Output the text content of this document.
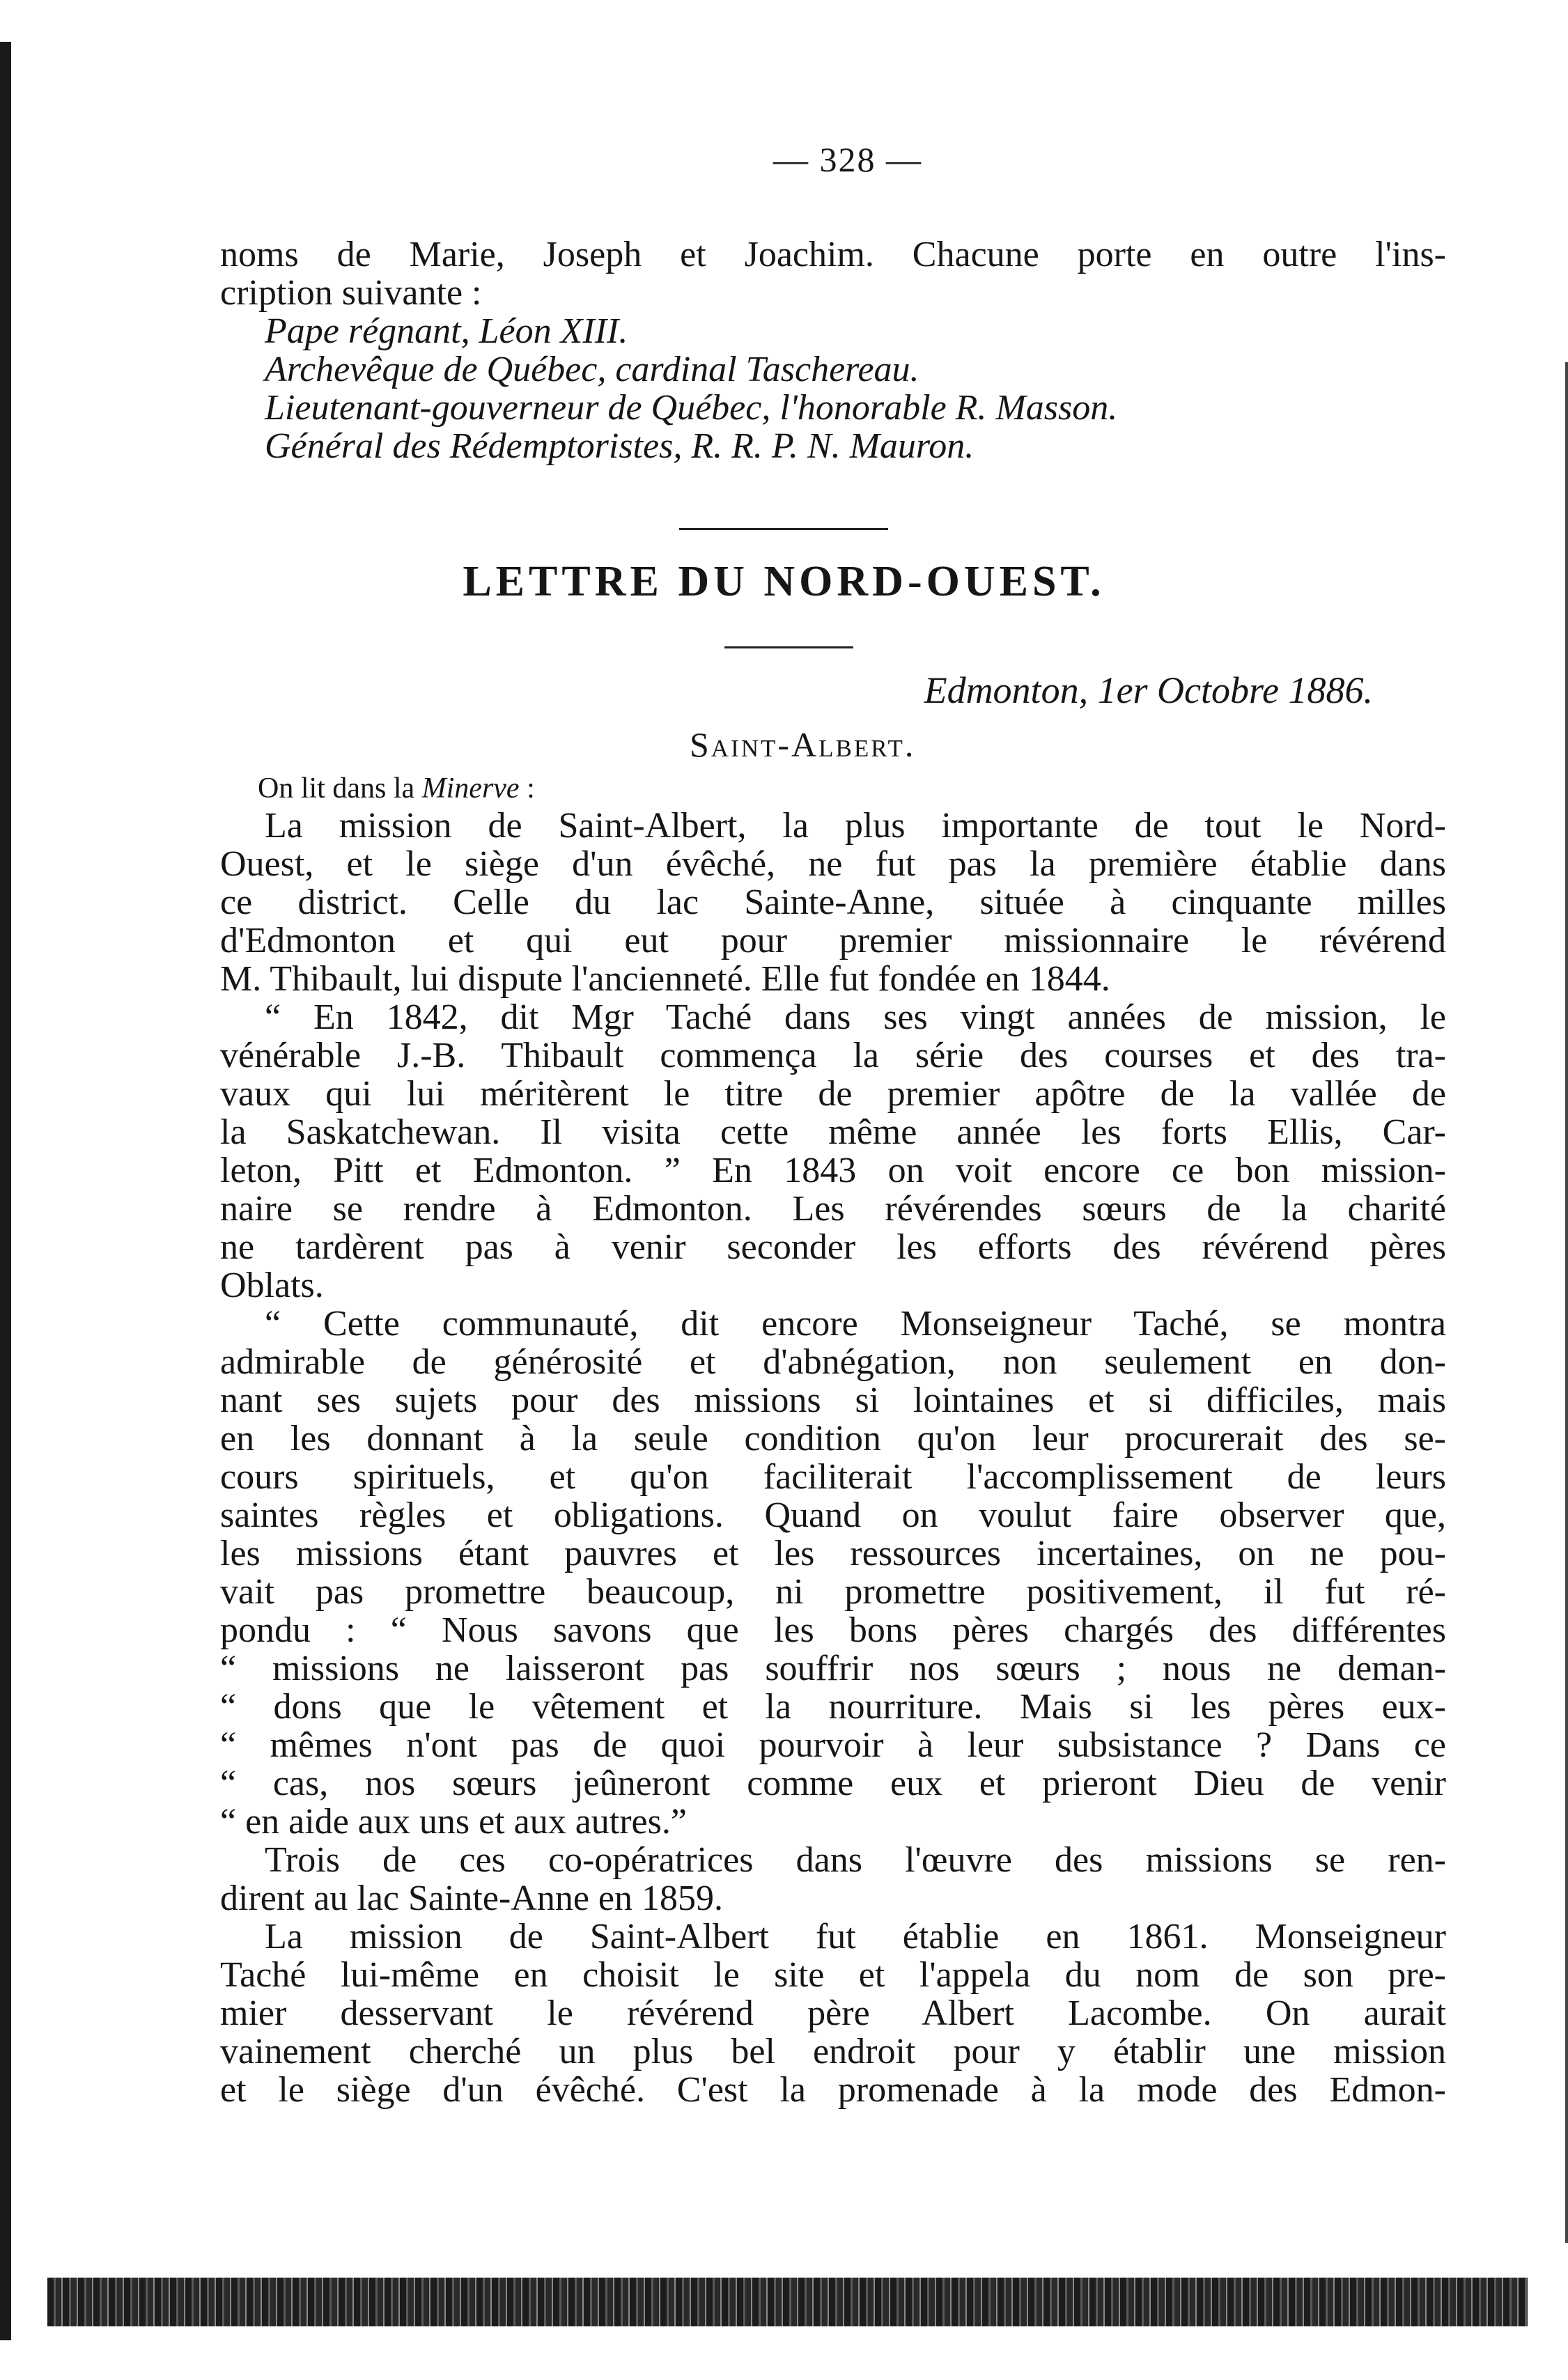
— 328 —
noms de Marie, Joseph et Joachim. Chacune porte en outre l'ins-
cription suivante :
Pape régnant, Léon XIII.
Archevêque de Québec, cardinal Taschereau.
Lieutenant-gouverneur de Québec, l'honorable R. Masson.
Général des Rédemptoristes, R. R. P. N. Mauron.
LETTRE DU NORD-OUEST.
Edmonton, 1er Octobre 1886.
Saint-Albert.
On lit dans la Minerve :
La mission de Saint-Albert, la plus importante de tout le Nord-
Ouest, et le siège d'un évêché, ne fut pas la première établie dans
ce district. Celle du lac Sainte-Anne, située à cinquante milles
d'Edmonton et qui eut pour premier missionnaire le révérend
M. Thibault, lui dispute l'ancienneté. Elle fut fondée en 1844.
“ En 1842, dit Mgr Taché dans ses vingt années de mission, le
vénérable J.-B. Thibault commença la série des courses et des tra-
vaux qui lui méritèrent le titre de premier apôtre de la vallée de
la Saskatchewan. Il visita cette même année les forts Ellis, Car-
leton, Pitt et Edmonton. ” En 1843 on voit encore ce bon mission-
naire se rendre à Edmonton. Les révérendes sœurs de la charité
ne tardèrent pas à venir seconder les efforts des révérend pères
Oblats.
“ Cette communauté, dit encore Monseigneur Taché, se montra
admirable de générosité et d'abnégation, non seulement en don-
nant ses sujets pour des missions si lointaines et si difficiles, mais
en les donnant à la seule condition qu'on leur procurerait des se-
cours spirituels, et qu'on faciliterait l'accomplissement de leurs
saintes règles et obligations. Quand on voulut faire observer que,
les missions étant pauvres et les ressources incertaines, on ne pou-
vait pas promettre beaucoup, ni promettre positivement, il fut ré-
pondu : “ Nous savons que les bons pères chargés des différentes
“ missions ne laisseront pas souffrir nos sœurs ; nous ne deman-
“ dons que le vêtement et la nourriture. Mais si les pères eux-
“ mêmes n'ont pas de quoi pourvoir à leur subsistance ? Dans ce
“ cas, nos sœurs jeûneront comme eux et prieront Dieu de venir
“ en aide aux uns et aux autres.”
Trois de ces co-opératrices dans l'œuvre des missions se ren-
dirent au lac Sainte-Anne en 1859.
La mission de Saint-Albert fut établie en 1861. Monseigneur
Taché lui-même en choisit le site et l'appela du nom de son pre-
mier desservant le révérend père Albert Lacombe. On aurait
vainement cherché un plus bel endroit pour y établir une mission
et le siège d'un évêché. C'est la promenade à la mode des Edmon-
